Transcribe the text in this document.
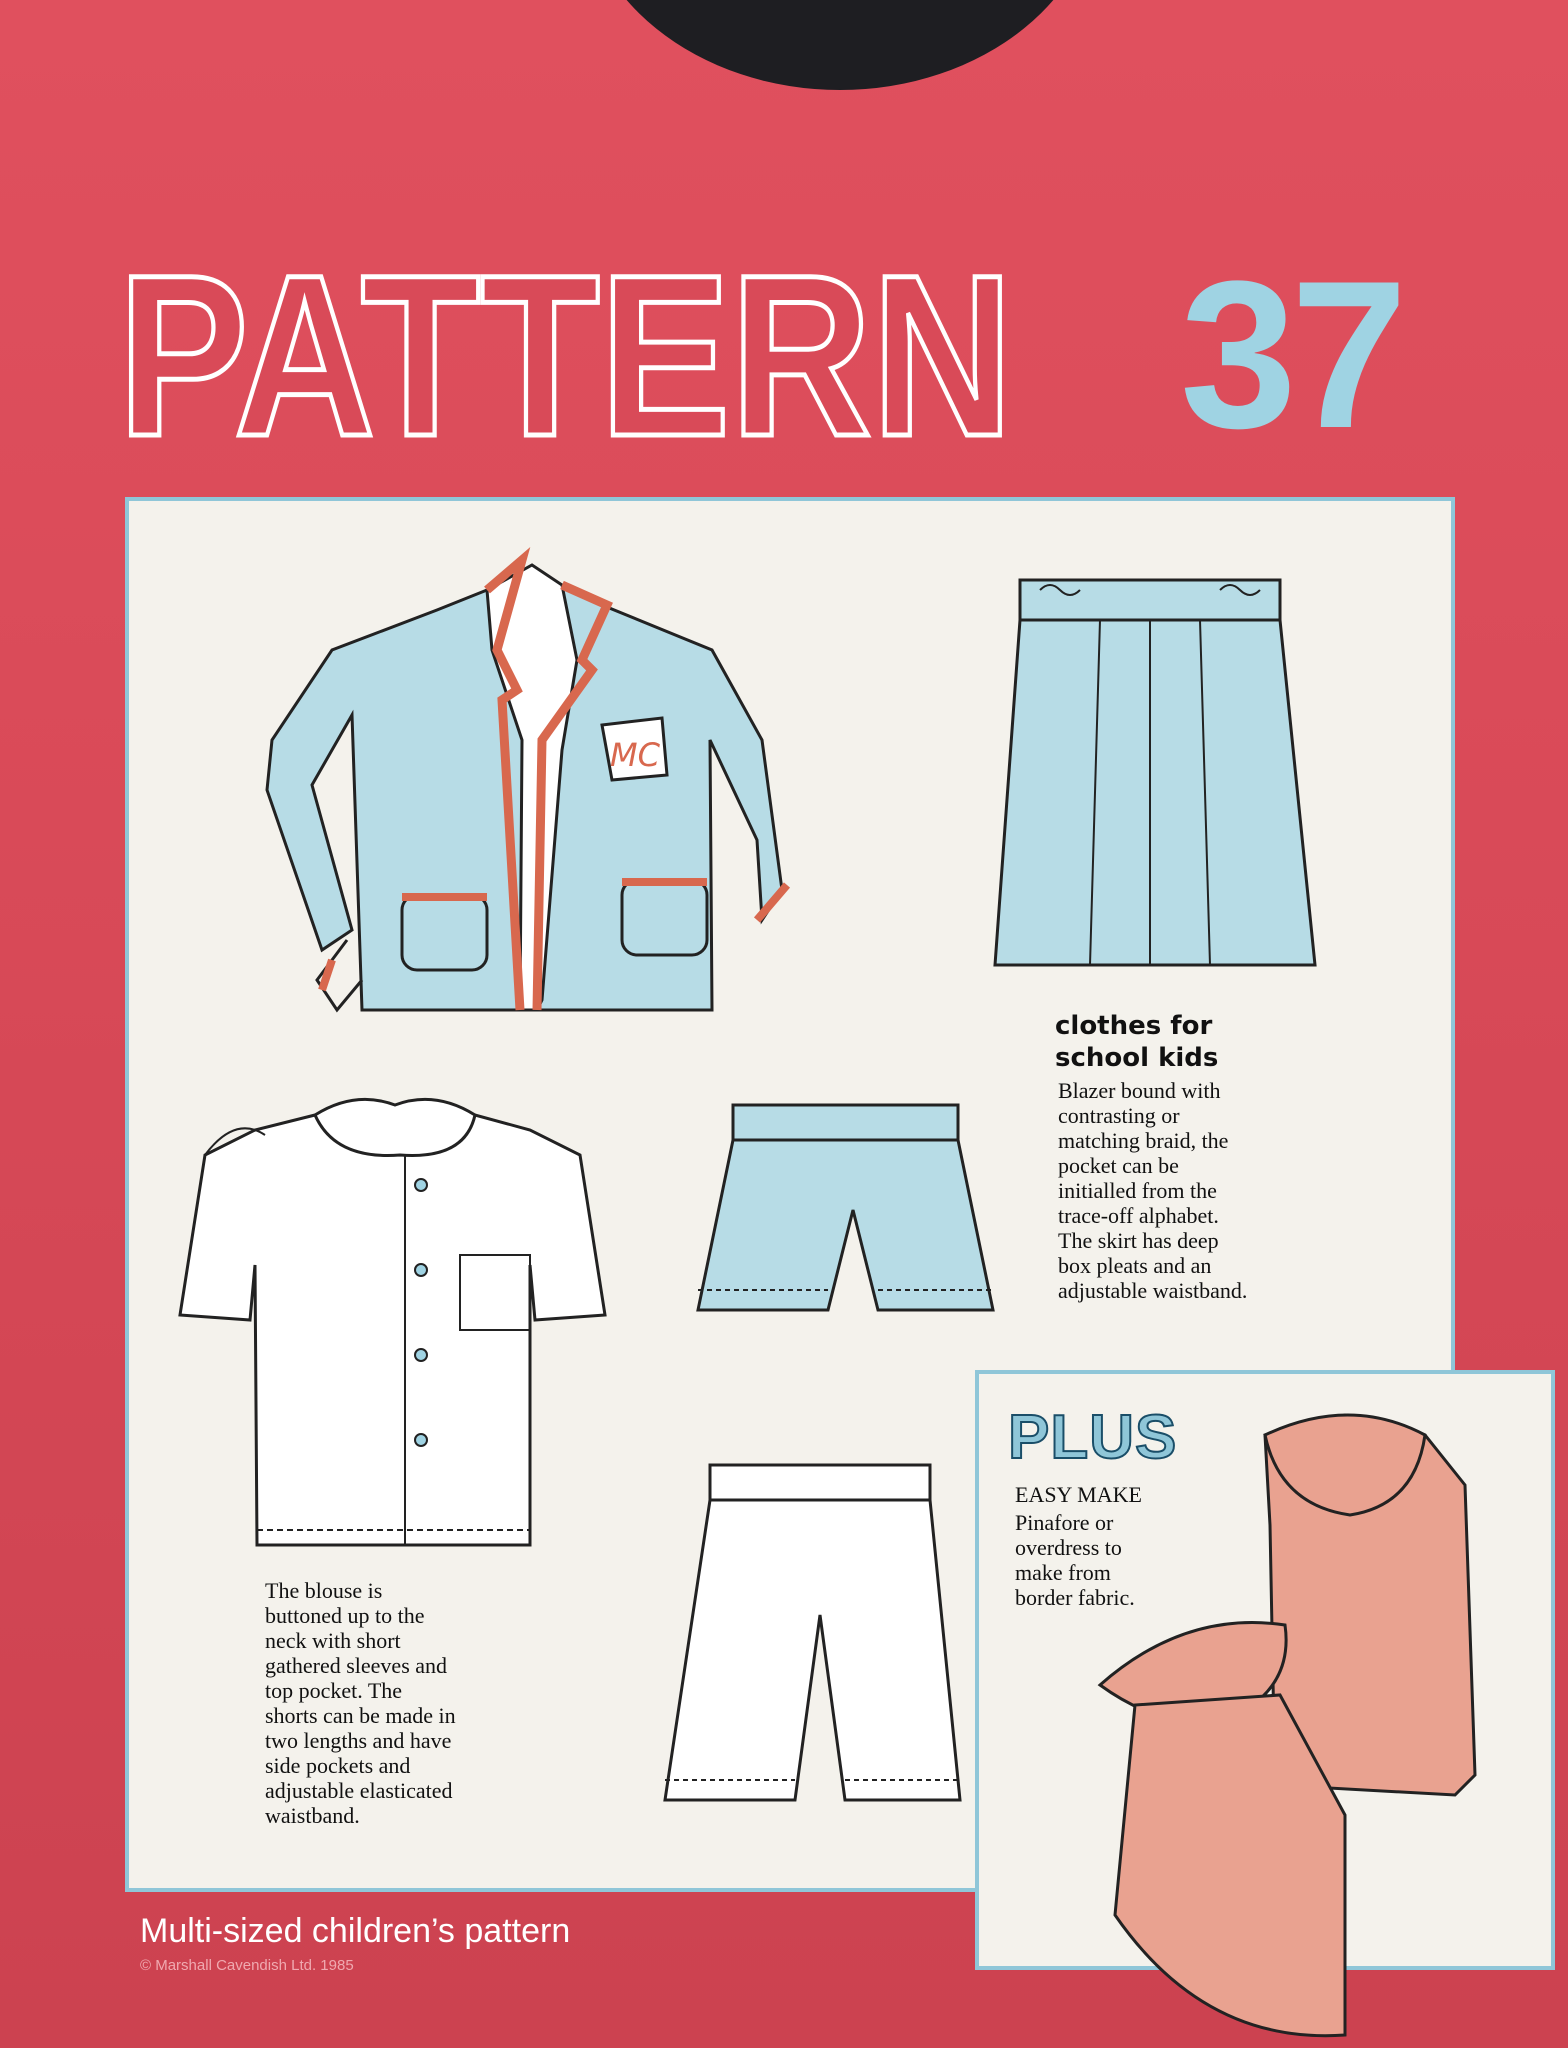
PATTERN 37
MC
clothes for
school kids
Blazer bound with
contrasting or
matching braid, the
pocket can be
initialled from the
trace-off alphabet.
The skirt has deep
box pleats and an
adjustable waistband.
The blouse is
buttoned up to the
neck with short
gathered sleeves and
top pocket. The
shorts can be made in
two lengths and have
side pockets and
adjustable elasticated
waistband.
PLUS
EASY MAKE
Pinafore or
overdress to
make from
border fabric.
Multi-sized children’s pattern
© Marshall Cavendish Ltd. 1985
